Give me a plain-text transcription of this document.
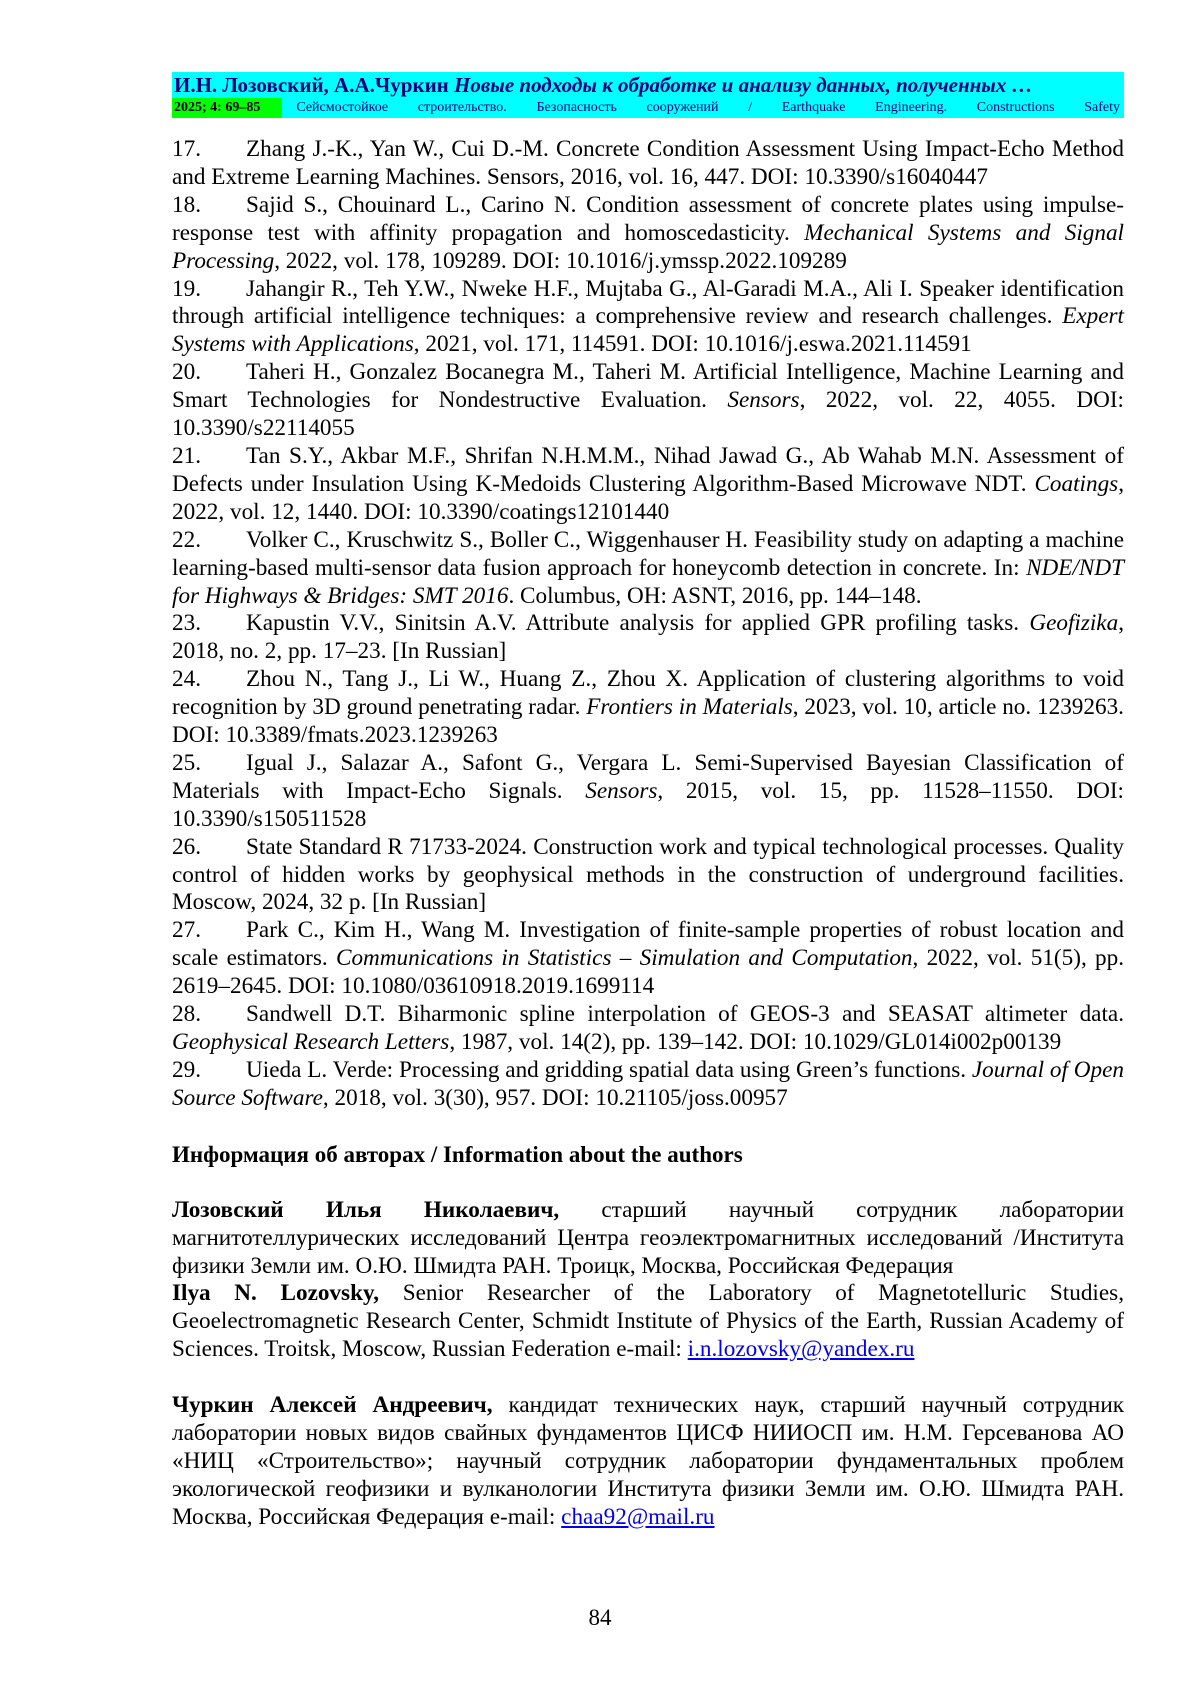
И.Н. Лозовский, А.А.Чуркин Новые подходы к обработке и анализу данных, полученных …
2025; 4: 69–85	Сейсмостойкое строительство. Безопасность сооружений / Earthquake Engineering. Constructions Safety

17. Zhang J.-K., Yan W., Cui D.-M. Concrete Condition Assessment Using Impact-Echo Method and Extreme Learning Machines. Sensors, 2016, vol. 16, 447. DOI: 10.3390/s16040447

18. Sajid S., Chouinard L., Carino N. Condition assessment of concrete plates using impulse-response test with affinity propagation and homoscedasticity. Mechanical Systems and Signal Processing, 2022, vol. 178, 109289. DOI: 10.1016/j.ymssp.2022.109289

19. Jahangir R., Teh Y.W., Nweke H.F., Mujtaba G., Al-Garadi M.A., Ali I. Speaker identification through artificial intelligence techniques: a comprehensive review and research challenges. Expert Systems with Applications, 2021, vol. 171, 114591. DOI: 10.1016/j.eswa.2021.114591

20. Taheri H., Gonzalez Bocanegra M., Taheri M. Artificial Intelligence, Machine Learning and Smart Technologies for Nondestructive Evaluation. Sensors, 2022, vol. 22, 4055. DOI: 10.3390/s22114055

21. Tan S.Y., Akbar M.F., Shrifan N.H.M.M., Nihad Jawad G., Ab Wahab M.N. Assessment of Defects under Insulation Using K-Medoids Clustering Algorithm-Based Microwave NDT. Coatings, 2022, vol. 12, 1440. DOI: 10.3390/coatings12101440

22. Volker C., Kruschwitz S., Boller C., Wiggenhauser H. Feasibility study on adapting a machine learning-based multi-sensor data fusion approach for honeycomb detection in concrete. In: NDE/NDT for Highways & Bridges: SMT 2016. Columbus, OH: ASNT, 2016, pp. 144–148.

23. Kapustin V.V., Sinitsin A.V. Attribute analysis for applied GPR profiling tasks. Geofizika, 2018, no. 2, pp. 17–23. [In Russian]

24. Zhou N., Tang J., Li W., Huang Z., Zhou X. Application of clustering algorithms to void recognition by 3D ground penetrating radar. Frontiers in Materials, 2023, vol. 10, article no. 1239263. DOI: 10.3389/fmats.2023.1239263

25. Igual J., Salazar A., Safont G., Vergara L. Semi-Supervised Bayesian Classification of Materials with Impact-Echo Signals. Sensors, 2015, vol. 15, pp. 11528–11550. DOI: 10.3390/s150511528

26. State Standard R 71733-2024. Construction work and typical technological processes. Quality control of hidden works by geophysical methods in the construction of underground facilities. Moscow, 2024, 32 p. [In Russian]

27. Park C., Kim H., Wang M. Investigation of finite-sample properties of robust location and scale estimators. Communications in Statistics – Simulation and Computation, 2022, vol. 51(5), pp. 2619–2645. DOI: 10.1080/03610918.2019.1699114

28. Sandwell D.T. Biharmonic spline interpolation of GEOS-3 and SEASAT altimeter data. Geophysical Research Letters, 1987, vol. 14(2), pp. 139–142. DOI: 10.1029/GL014i002p00139

29. Uieda L. Verde: Processing and gridding spatial data using Green’s functions. Journal of Open Source Software, 2018, vol. 3(30), 957. DOI: 10.21105/joss.00957

Информация об авторах / Information about the authors
Лозовский Илья Николаевич, старший научный сотрудник лаборатории магнитотеллурических исследований Центра геоэлектромагнитных исследований /Института физики Земли им. О.Ю. Шмидта РАН. Троицк, Москва, Российская Федерация
Ilya N. Lozovsky, Senior Researcher of the Laboratory of Magnetotelluric Studies, Geoelectromagnetic Research Center, Schmidt Institute of Physics of the Earth, Russian Academy of Sciences. Troitsk, Moscow, Russian Federation e-mail: i.n.lozovsky@yandex.ru
Чуркин Алексей Андреевич, кандидат технических наук, старший научный сотрудник лаборатории новых видов свайных фундаментов ЦИСФ НИИОСП им. Н.М. Герсеванова АО «НИЦ «Строительство»; научный сотрудник лаборатории фундаментальных проблем экологической геофизики и вулканологии Института физики Земли им. О.Ю. Шмидта РАН. Москва, Российская Федерация e-mail: chaa92@mail.ru
84
